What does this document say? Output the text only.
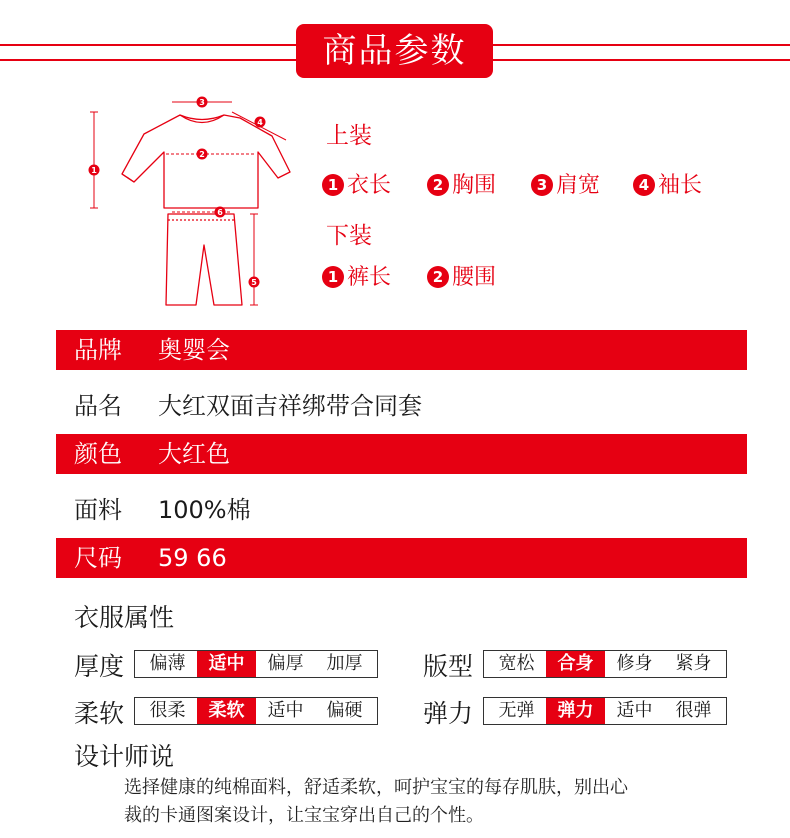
商品参数
1
2
3
4
5
6
上装
1 衣长	2 胸围	3 肩宽	4 袖长
下装
1 裤长	2 腰围
品牌 奥婴会
品名 大红双面吉祥绑带合同套
颜色 大红色
面料 100%棉
尺码 59 66
衣服属性
厚度	偏薄	适中	偏厚	加厚	版型	宽松	合身	修身	紧身
柔软	很柔	柔软	适中	偏硬	弹力	无弹	弹力	适中	很弹
设计师说
选择健康的纯棉面料，舒适柔软，呵护宝宝的每存肌肤，别出心
裁的卡通图案设计，让宝宝穿出自己的个性。
